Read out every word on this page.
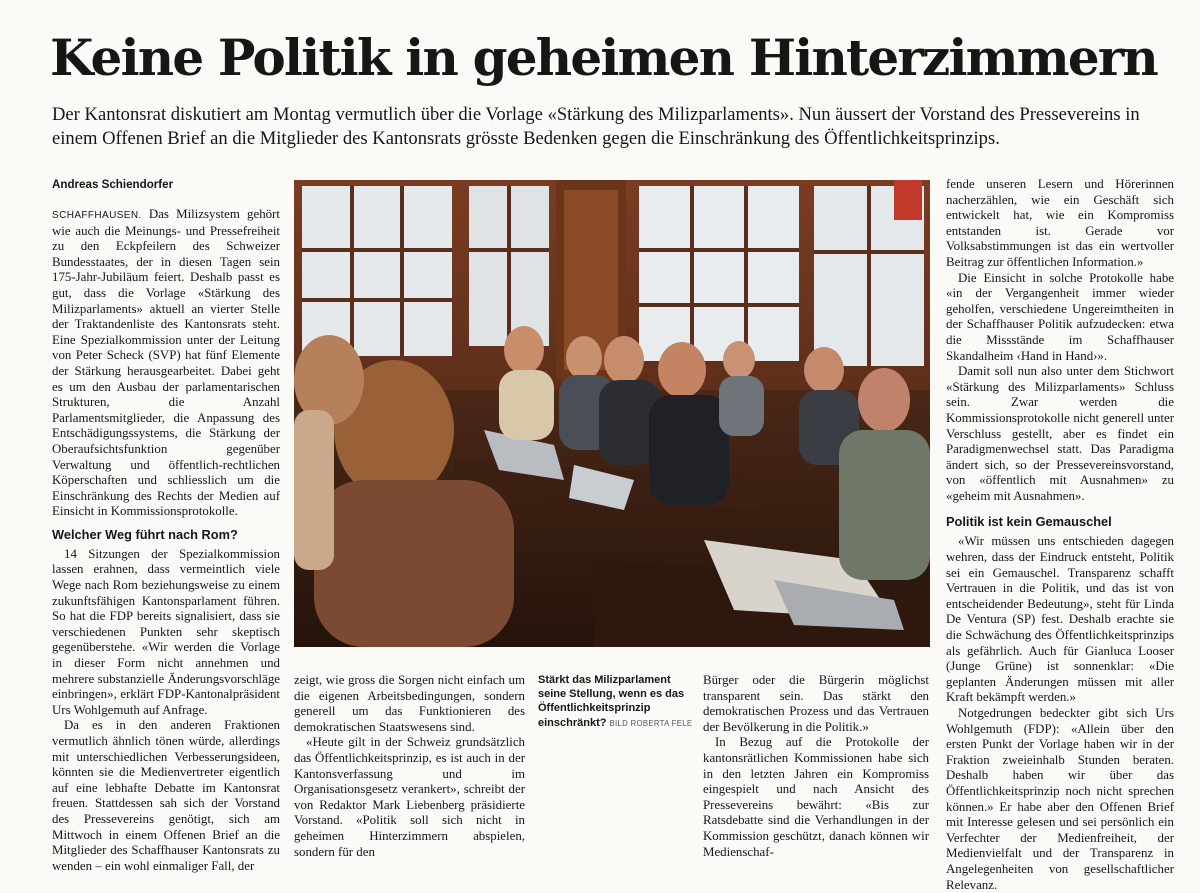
Keine Politik in geheimen Hinterzimmern

Der Kantonsrat diskutiert am Montag vermutlich über die Vorlage «Stärkung des Milizparlaments». Nun äussert der Vorstand des Pressevereins in einem Offenen Brief an die Mitglieder des Kantonsrats grösste Bedenken gegen die Einschränkung des Öffentlichkeitsprinzips.

Andreas Schiendorfer

SCHAFFHAUSEN. Das Milizsystem gehört wie auch die Meinungs- und Pressefreiheit zu den Eckpfeilern des Schweizer Bundesstaates, der in diesen Tagen sein 175-Jahr-Jubiläum feiert. Deshalb passt es gut, dass die Vorlage «Stärkung des Milizparlaments» aktuell an vierter Stelle der Traktandenliste des Kantonsrats steht. Eine Spezialkommission unter der Leitung von Peter Scheck (SVP) hat fünf Elemente der Stärkung herausgearbeitet. Dabei geht es um den Ausbau der parlamentarischen Strukturen, die Anzahl Parlamentsmitglieder, die Anpassung des Entschädigungssystems, die Stärkung der Oberaufsichtsfunktion gegenüber Verwaltung und öffentlich-rechtlichen Köperschaften und schliesslich um die Einschränkung des Rechts der Medien auf Einsicht in Kommissionsprotokolle.

Welcher Weg führt nach Rom?

14 Sitzungen der Spezialkommission lassen erahnen, dass vermeintlich viele Wege nach Rom beziehungsweise zu einem zukunftsfähigen Kantonsparlament führen. So hat die FDP bereits signalisiert, dass sie verschiedenen Punkten sehr skeptisch gegenüberstehe. «Wir werden die Vorlage in dieser Form nicht annehmen und mehrere substanzielle Änderungsvorschläge einbringen», erklärt FDP-Kantonalpräsident Urs Wohlgemuth auf Anfrage.

Da es in den anderen Fraktionen vermutlich ähnlich tönen würde, allerdings mit unterschiedlichen Verbesserungsideen, könnten sie die Medienvertreter eigentlich auf eine lebhafte Debatte im Kantonsrat freuen. Stattdessen sah sich der Vorstand des Pressevereins genötigt, sich am Mittwoch in einem Offenen Brief an die Mitglieder des Schaffhauser Kantonsrats zu wenden – ein wohl einmaliger Fall, der

zeigt, wie gross die Sorgen nicht einfach um die eigenen Arbeitsbedingungen, sondern generell um das Funktionieren des demokratischen Staatswesens sind.

«Heute gilt in der Schweiz grundsätzlich das Öffentlichkeitsprinzip, es ist auch in der Kantonsverfassung und im Organisationsgesetz verankert», schreibt der von Redaktor Mark Liebenberg präsidierte Vorstand. «Politik soll sich nicht in geheimen Hinterzimmern abspielen, sondern für den

Stärkt das Milizparlament seine Stellung, wenn es das Öffentlichkeitsprinzip einschränkt? BILD ROBERTA FELE

Bürger oder die Bürgerin möglichst transparent sein. Das stärkt den demokratischen Prozess und das Vertrauen der Bevölkerung in die Politik.»

In Bezug auf die Protokolle der kantonsrätlichen Kommissionen habe sich in den letzten Jahren ein Kompromiss eingespielt und nach Ansicht des Pressevereins bewährt: «Bis zur Ratsdebatte sind die Verhandlungen in der Kommission geschützt, danach können wir Medienschaf-

fende unseren Lesern und Hörerinnen nacherzählen, wie ein Geschäft sich entwickelt hat, wie ein Kompromiss entstanden ist. Gerade vor Volksabstimmungen ist das ein wertvoller Beitrag zur öffentlichen Information.»

Die Einsicht in solche Protokolle habe «in der Vergangenheit immer wieder geholfen, verschiedene Ungereimtheiten in der Schaffhauser Politik aufzudecken: etwa die Missstände im Schaffhauser Skandalheim ‹Hand in Hand›».

Damit soll nun also unter dem Stichwort «Stärkung des Milizparlaments» Schluss sein. Zwar werden die Kommissionsprotokolle nicht generell unter Verschluss gestellt, aber es findet ein Paradigmenwechsel statt. Das Paradigma ändert sich, so der Pressevereinsvorstand, von «öffentlich mit Ausnahmen» zu «geheim mit Ausnahmen».

Politik ist kein Gemauschel

«Wir müssen uns entschieden dagegen wehren, dass der Eindruck entsteht, Politik sei ein Gemauschel. Transparenz schafft Vertrauen in die Politik, und das ist von entscheidender Bedeutung», steht für Linda De Ventura (SP) fest. Deshalb erachte sie die Schwächung des Öffentlichkeitsprinzips als gefährlich. Auch für Gianluca Looser (Junge Grüne) ist sonnenklar: «Die geplanten Änderungen müssen mit aller Kraft bekämpft werden.»

Notgedrungen bedeckter gibt sich Urs Wohlgemuth (FDP): «Allein über den ersten Punkt der Vorlage haben wir in der Fraktion zweieinhalb Stunden beraten. Deshalb haben wir über das Öffentlichkeitsprinzip noch nicht sprechen können.» Er habe aber den Offenen Brief mit Interesse gelesen und sei persönlich ein Verfechter der Medienfreiheit, der Medienvielfalt und der Transparenz in Angelegenheiten von gesellschaftlicher Relevanz.
